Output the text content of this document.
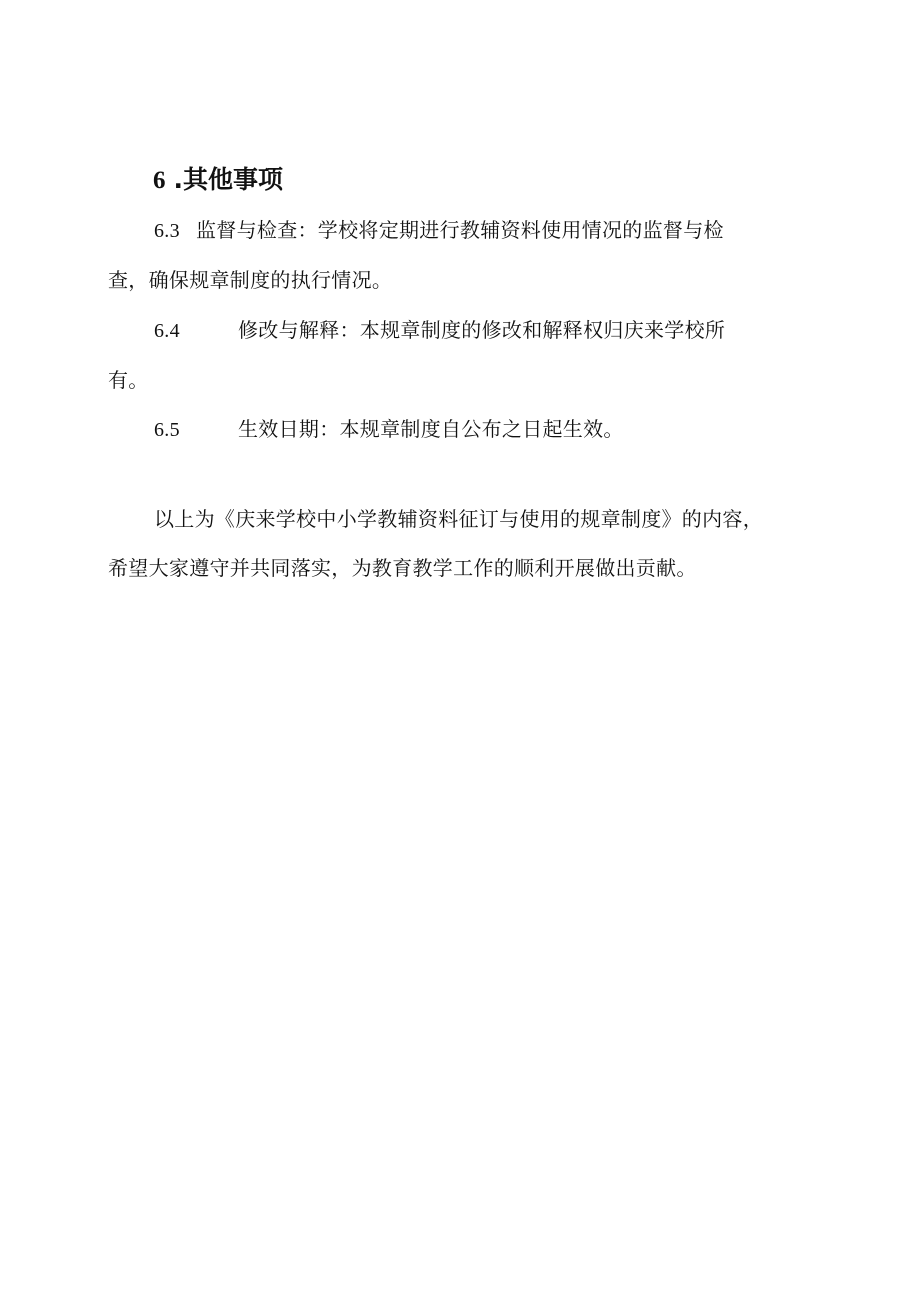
6 .其他事项
6.3 监督与检查：学校将定期进行教辅资料使用情况的监督与检
查，确保规章制度的执行情况。
6.4	修改与解释：本规章制度的修改和解释权归庆来学校所
有。
6.5	生效日期：本规章制度自公布之日起生效。
以上为《庆来学校中小学教辅资料征订与使用的规章制度》的内容，
希望大家遵守并共同落实，为教育教学工作的顺利开展做出贡献。
